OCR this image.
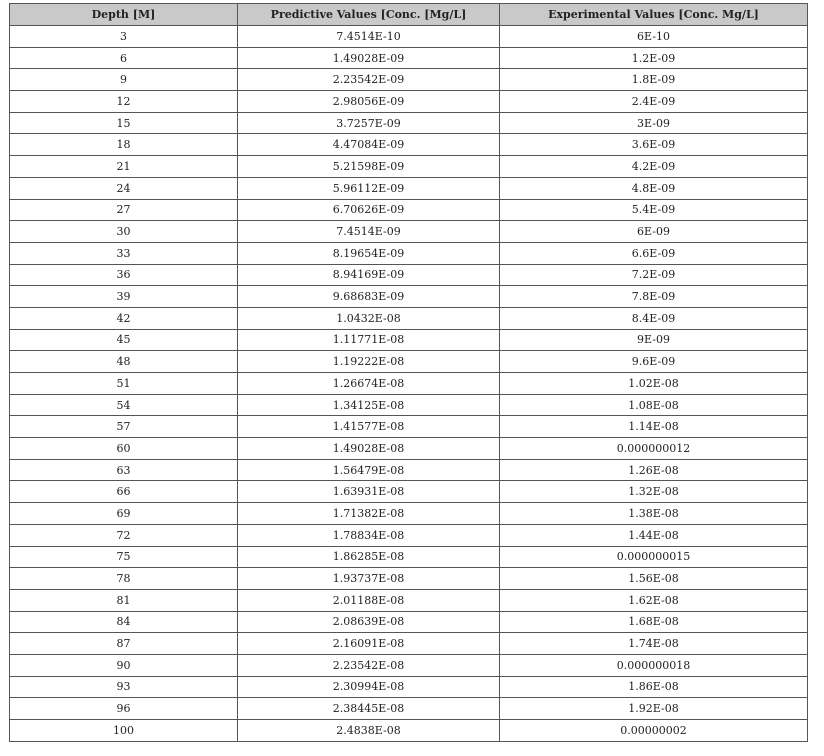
Depth [M]	Predictive Values [Conc. [Mg/L]	Experimental Values [Conc. Mg/L]
3	7.4514E-10	6E-10
6	1.49028E-09	1.2E-09
9	2.23542E-09	1.8E-09
12	2.98056E-09	2.4E-09
15	3.7257E-09	3E-09
18	4.47084E-09	3.6E-09
21	5.21598E-09	4.2E-09
24	5.96112E-09	4.8E-09
27	6.70626E-09	5.4E-09
30	7.4514E-09	6E-09
33	8.19654E-09	6.6E-09
36	8.94169E-09	7.2E-09
39	9.68683E-09	7.8E-09
42	1.0432E-08	8.4E-09
45	1.11771E-08	9E-09
48	1.19222E-08	9.6E-09
51	1.26674E-08	1.02E-08
54	1.34125E-08	1.08E-08
57	1.41577E-08	1.14E-08
60	1.49028E-08	0.000000012
63	1.56479E-08	1.26E-08
66	1.63931E-08	1.32E-08
69	1.71382E-08	1.38E-08
72	1.78834E-08	1.44E-08
75	1.86285E-08	0.000000015
78	1.93737E-08	1.56E-08
81	2.01188E-08	1.62E-08
84	2.08639E-08	1.68E-08
87	2.16091E-08	1.74E-08
90	2.23542E-08	0.000000018
93	2.30994E-08	1.86E-08
96	2.38445E-08	1.92E-08
100	2.4838E-08	0.00000002
